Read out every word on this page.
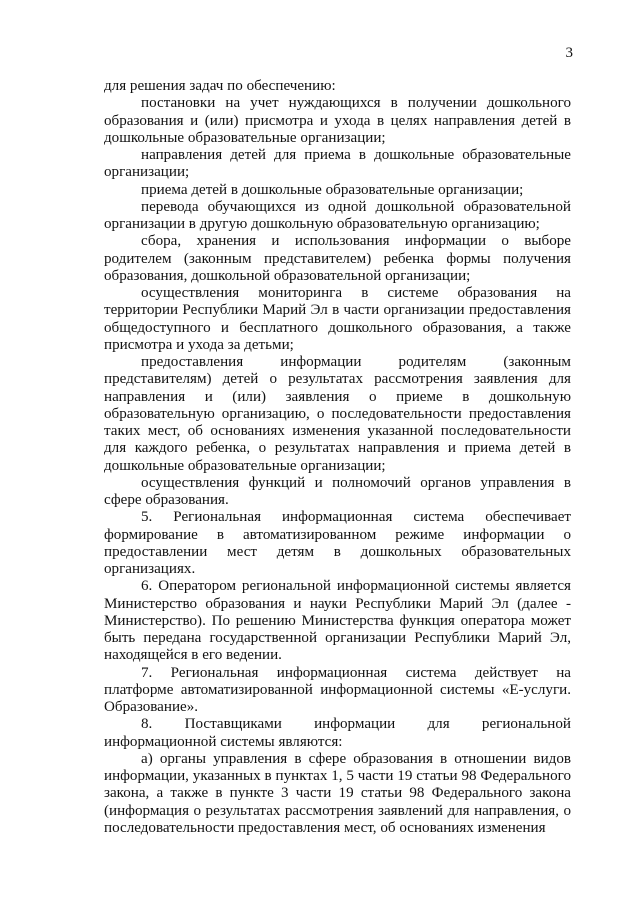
3

для решения задач по обеспечению:

постановки на учет нуждающихся в получении дошкольного образования и (или) присмотра и ухода в целях направления детей в дошкольные образовательные организации;

направления детей для приема в дошкольные образовательные организации;

приема детей в дошкольные образовательные организации;

перевода обучающихся из одной дошкольной образовательной организации в другую дошкольную образовательную организацию;

сбора, хранения и использования информации о выборе родителем (законным представителем) ребенка формы получения образования, дошкольной образовательной организации;

осуществления мониторинга в системе образования на территории Республики Марий Эл в части организации предоставления общедоступного и бесплатного дошкольного образования, а также присмотра и ухода за детьми;

предоставления информации родителям (законным представителям) детей о результатах рассмотрения заявления для направления и (или) заявления о приеме в дошкольную образовательную организацию, о последовательности предоставления таких мест, об основаниях изменения указанной последовательности для каждого ребенка, о результатах направления и приема детей в дошкольные образовательные организации;

осуществления функций и полномочий органов управления в сфере образования.

5. Региональная информационная система обеспечивает формирование в автоматизированном режиме информации о предоставлении мест детям в дошкольных образовательных организациях.

6. Оператором региональной информационной системы является Министерство образования и науки Республики Марий Эл (далее - Министерство). По решению Министерства функция оператора может быть передана государственной организации Республики Марий Эл, находящейся в его ведении.

7. Региональная информационная система действует на платформе автоматизированной информационной системы «Е-услуги. Образование».

8. Поставщиками информации для региональной информационной системы являются:

а) органы управления в сфере образования в отношении видов информации, указанных в пунктах 1, 5 части 19 статьи 98 Федерального закона, а также в пункте 3 части 19 статьи 98 Федерального закона (информация о результатах рассмотрения заявлений для направления, о последовательности предоставления мест, об основаниях изменения
